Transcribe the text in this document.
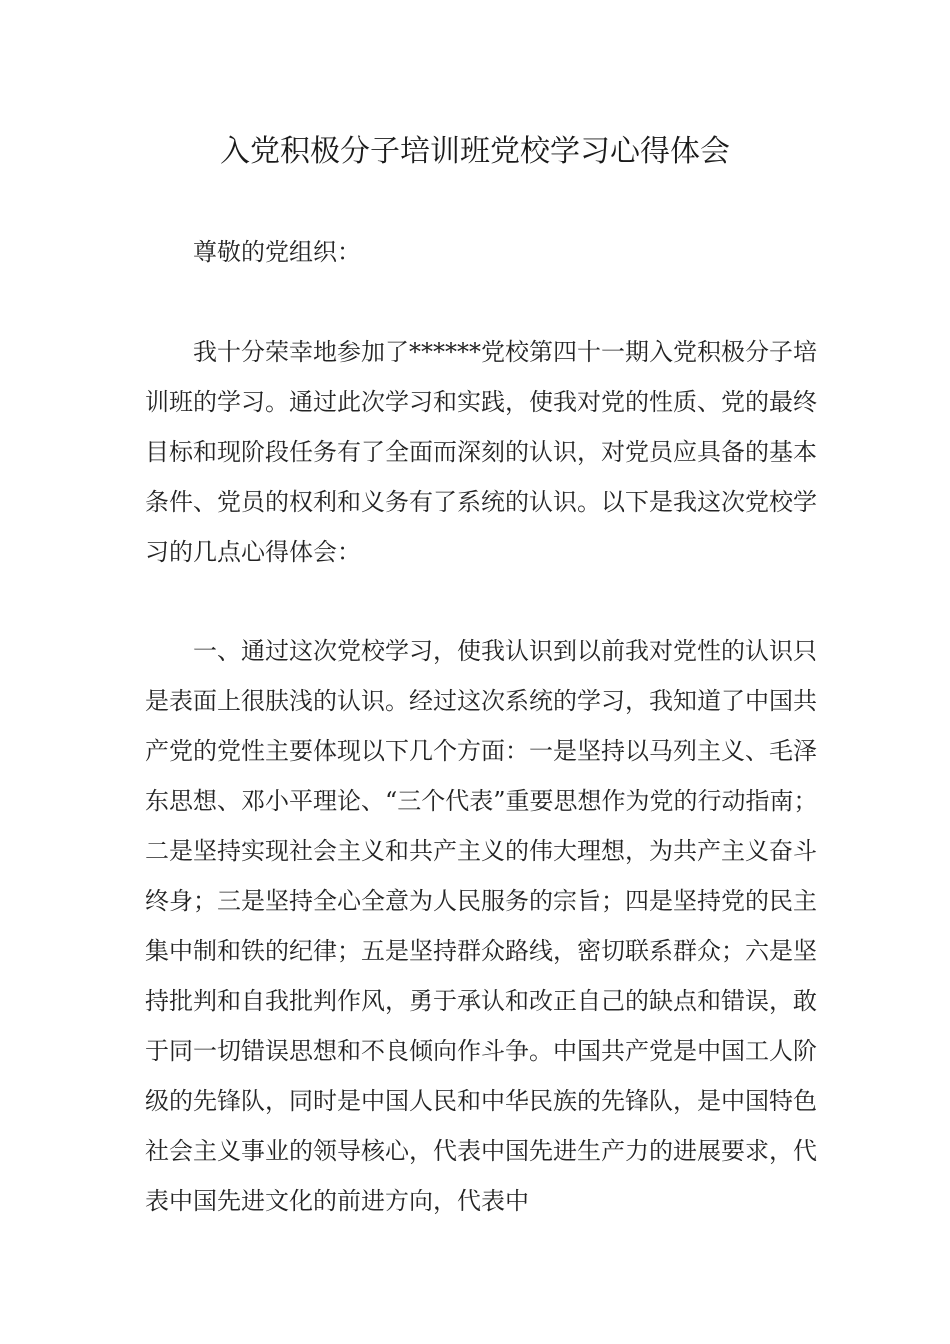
入党积极分子培训班党校学习心得体会

尊敬的党组织：

我十分荣幸地参加了******党校第四十一期入党积极分子培训班的学习。通过此次学习和实践，使我对党的性质、党的最终目标和现阶段任务有了全面而深刻的认识，对党员应具备的基本条件、党员的权利和义务有了系统的认识。以下是我这次党校学习的几点心得体会：

一、通过这次党校学习，使我认识到以前我对党性的认识只是表面上很肤浅的认识。经过这次系统的学习，我知道了中国共产党的党性主要体现以下几个方面：一是坚持以马列主义、毛泽东思想、邓小平理论、“三个代表”重要思想作为党的行动指南；二是坚持实现社会主义和共产主义的伟大理想，为共产主义奋斗终身；三是坚持全心全意为人民服务的宗旨；四是坚持党的民主集中制和铁的纪律；五是坚持群众路线，密切联系群众；六是坚持批判和自我批判作风，勇于承认和改正自己的缺点和错误，敢于同一切错误思想和不良倾向作斗争。中国共产党是中国工人阶级的先锋队，同时是中国人民和中华民族的先锋队，是中国特色社会主义事业的领导核心，代表中国先进生产力的进展要求，代表中国先进文化的前进方向，代表中
